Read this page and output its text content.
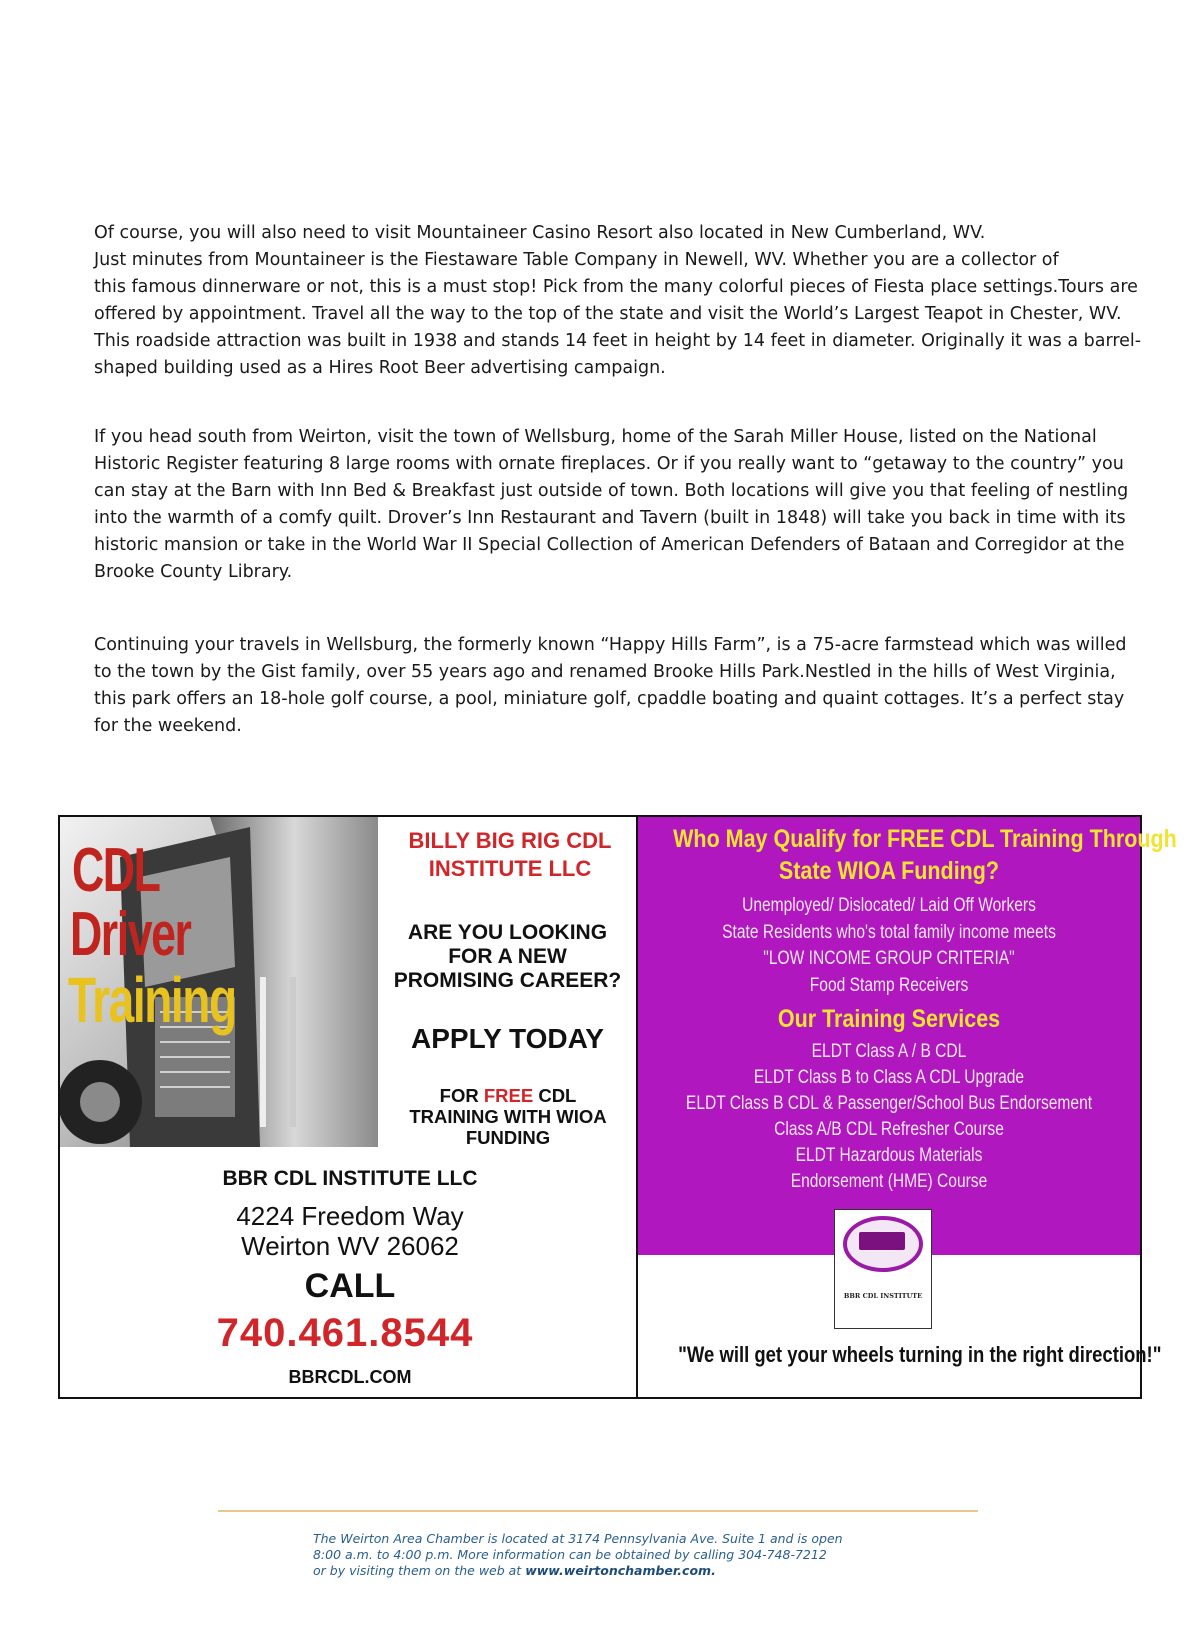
Of course, you will also need to visit Mountaineer Casino Resort also located in New Cumberland, WV.
Just minutes from Mountaineer is the Fiestaware Table Company in Newell, WV. Whether you are a collector of
this famous dinnerware or not, this is a must stop! Pick from the many colorful pieces of Fiesta place settings.Tours are
offered by appointment. Travel all the way to the top of the state and visit the World’s Largest Teapot in Chester, WV.
This roadside attraction was built in 1938 and stands 14 feet in height by 14 feet in diameter. Originally it was a barrel-
shaped building used as a Hires Root Beer advertising campaign.
If you head south from Weirton, visit the town of Wellsburg, home of the Sarah Miller House, listed on the National
Historic Register featuring 8 large rooms with ornate fireplaces. Or if you really want to “getaway to the country” you
can stay at the Barn with Inn Bed & Breakfast just outside of town. Both locations will give you that feeling of nestling
into the warmth of a comfy quilt. Drover’s Inn Restaurant and Tavern (built in 1848) will take you back in time with its
historic mansion or take in the World War II Special Collection of American Defenders of Bataan and Corregidor at the
Brooke County Library.
Continuing your travels in Wellsburg, the formerly known “Happy Hills Farm”, is a 75-acre farmstead which was willed
to the town by the Gist family, over 55 years ago and renamed Brooke Hills Park.Nestled in the hills of West Virginia,
this park offers an 18-hole golf course, a pool, miniature golf, cpaddle boating and quaint cottages. It’s a perfect stay
for the weekend.
CDL
Driver
Training
BILLY BIG RIG CDL
INSTITUTE LLC
ARE YOU LOOKING
FOR A NEW
PROMISING CAREER?
APPLY TODAY
FOR FREE CDL
TRAINING WITH WIOA
FUNDING
BBR CDL INSTITUTE LLC
4224 Freedom Way
Weirton WV 26062
CALL
740.461.8544
BBRCDL.COM
Who May Qualify for FREE CDL Training Through
State WIOA Funding?
Unemployed/ Dislocated/ Laid Off Workers
State Residents who's total family income meets
"LOW INCOME GROUP CRITERIA"
Food Stamp Receivers
Our Training Services
ELDT Class A / B CDL
ELDT Class B to Class A CDL Upgrade
ELDT Class B CDL & Passenger/School Bus Endorsement
Class A/B CDL Refresher Course
ELDT Hazardous Materials
Endorsement (HME) Course
BBR CDL INSTITUTE
"We will get your wheels turning in the right direction!"
The Weirton Area Chamber is located at 3174 Pennsylvania Ave. Suite 1 and is open
8:00 a.m. to 4:00 p.m. More information can be obtained by calling 304-748-7212
or by visiting them on the web at www.weirtonchamber.com.
